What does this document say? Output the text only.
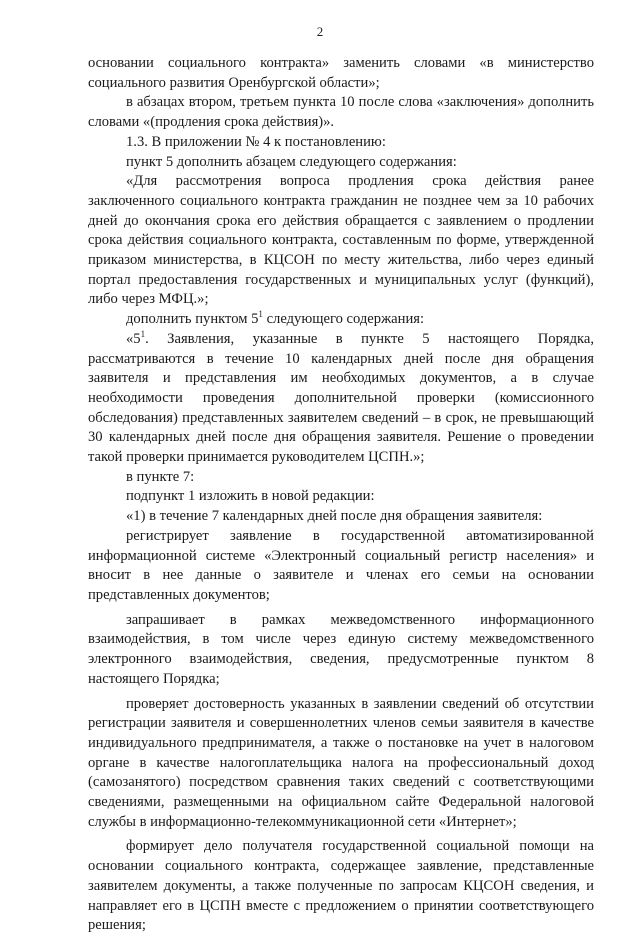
2

основании социального контракта» заменить словами «в министерство социального развития Оренбургской области»;

в абзацах втором, третьем пункта 10 после слова «заключения» дополнить словами «(продления срока действия)».

1.3. В приложении № 4 к постановлению:

пункт 5 дополнить абзацем следующего содержания:

«Для рассмотрения вопроса продления срока действия ранее заключенного социального контракта гражданин не позднее чем за 10 рабочих дней до окончания срока его действия обращается с заявлением о продлении срока действия социального контракта, составленным по форме, утвержденной приказом министерства, в КЦСОН по месту жительства, либо через единый портал предоставления государственных и муниципальных услуг (функций), либо через МФЦ.»;

дополнить пунктом $5^1$ следующего содержания:

«$5^1$. Заявления, указанные в пункте 5 настоящего Порядка, рассматриваются в течение 10 календарных дней после дня обращения заявителя и представления им необходимых документов, а в случае необходимости проведения дополнительной проверки (комиссионного обследования) представленных заявителем сведений – в срок, не превышающий 30 календарных дней после дня обращения заявителя. Решение о проведении такой проверки принимается руководителем ЦСПН.»;

в пункте 7:

подпункт 1 изложить в новой редакции:

«1) в течение 7 календарных дней после дня обращения заявителя:

регистрирует заявление в государственной автоматизированной информационной системе «Электронный социальный регистр населения» и вносит в нее данные о заявителе и членах его семьи на основании представленных документов;

запрашивает в рамках межведомственного информационного взаимодействия, в том числе через единую систему межведомственного электронного взаимодействия, сведения, предусмотренные пунктом 8 настоящего Порядка;

проверяет достоверность указанных в заявлении сведений об отсутствии регистрации заявителя и совершеннолетних членов семьи заявителя в качестве индивидуального предпринимателя, а также о постановке на учет в налоговом органе в качестве налогоплательщика налога на профессиональный доход (самозанятого) посредством сравнения таких сведений с соответствующими сведениями, размещенными на официальном сайте Федеральной налоговой службы в информационно-телекоммуникационной сети «Интернет»;

формирует дело получателя государственной социальной помощи на основании социального контракта, содержащее заявление, представленные заявителем документы, а также полученные по запросам КЦСОН сведения, и направляет его в ЦСПН вместе с предложением о принятии соответствующего решения;
